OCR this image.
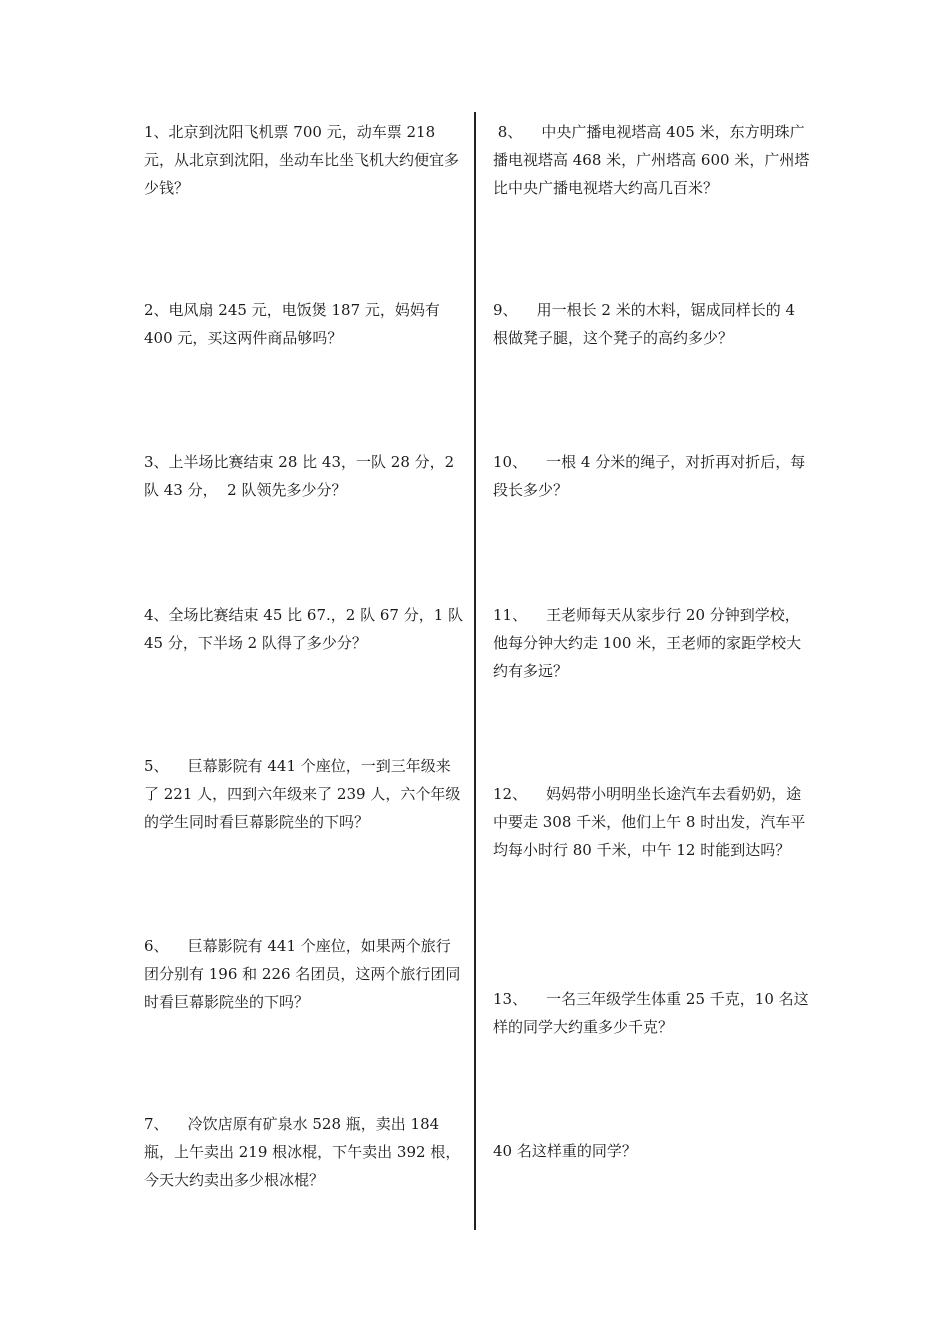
1、北京到沈阳飞机票 700 元，动车票 218 元，从北京到沈阳，坐动车比坐飞机大约便宜多少钱？

2、电风扇 245 元，电饭煲 187 元，妈妈有 400 元，买这两件商品够吗？

3、上半场比赛结束 28 比 43，一队 28 分，2 队 43 分，  2 队领先多少分？

4、全场比赛结束 45 比 67.，2 队 67 分，1 队 45 分，下半场 2 队得了多少分？

5、    巨幕影院有 441 个座位，一到三年级来了 221 人，四到六年级来了 239 人，六个年级的学生同时看巨幕影院坐的下吗？

6、    巨幕影院有 441 个座位，如果两个旅行团分别有 196 和 226 名团员，这两个旅行团同时看巨幕影院坐的下吗？

7、    冷饮店原有矿泉水 528 瓶，卖出 184 瓶，上午卖出 219 根冰棍，下午卖出 392 根，今天大约卖出多少根冰棍？

8、    中央广播电视塔高 405 米，东方明珠广播电视塔高 468 米，广州塔高 600 米，广州塔比中央广播电视塔大约高几百米？

9、    用一根长 2 米的木料，锯成同样长的 4 根做凳子腿，这个凳子的高约多少？

10、    一根 4 分米的绳子，对折再对折后，每段长多少？

11、    王老师每天从家步行 20 分钟到学校，他每分钟大约走 100 米，王老师的家距学校大约有多远？

12、    妈妈带小明明坐长途汽车去看奶奶，途中要走 308 千米，他们上午 8 时出发，汽车平均每小时行 80 千米，中午 12 时能到达吗？

13、    一名三年级学生体重 25 千克，10 名这样的同学大约重多少千克？

40 名这样重的同学？
